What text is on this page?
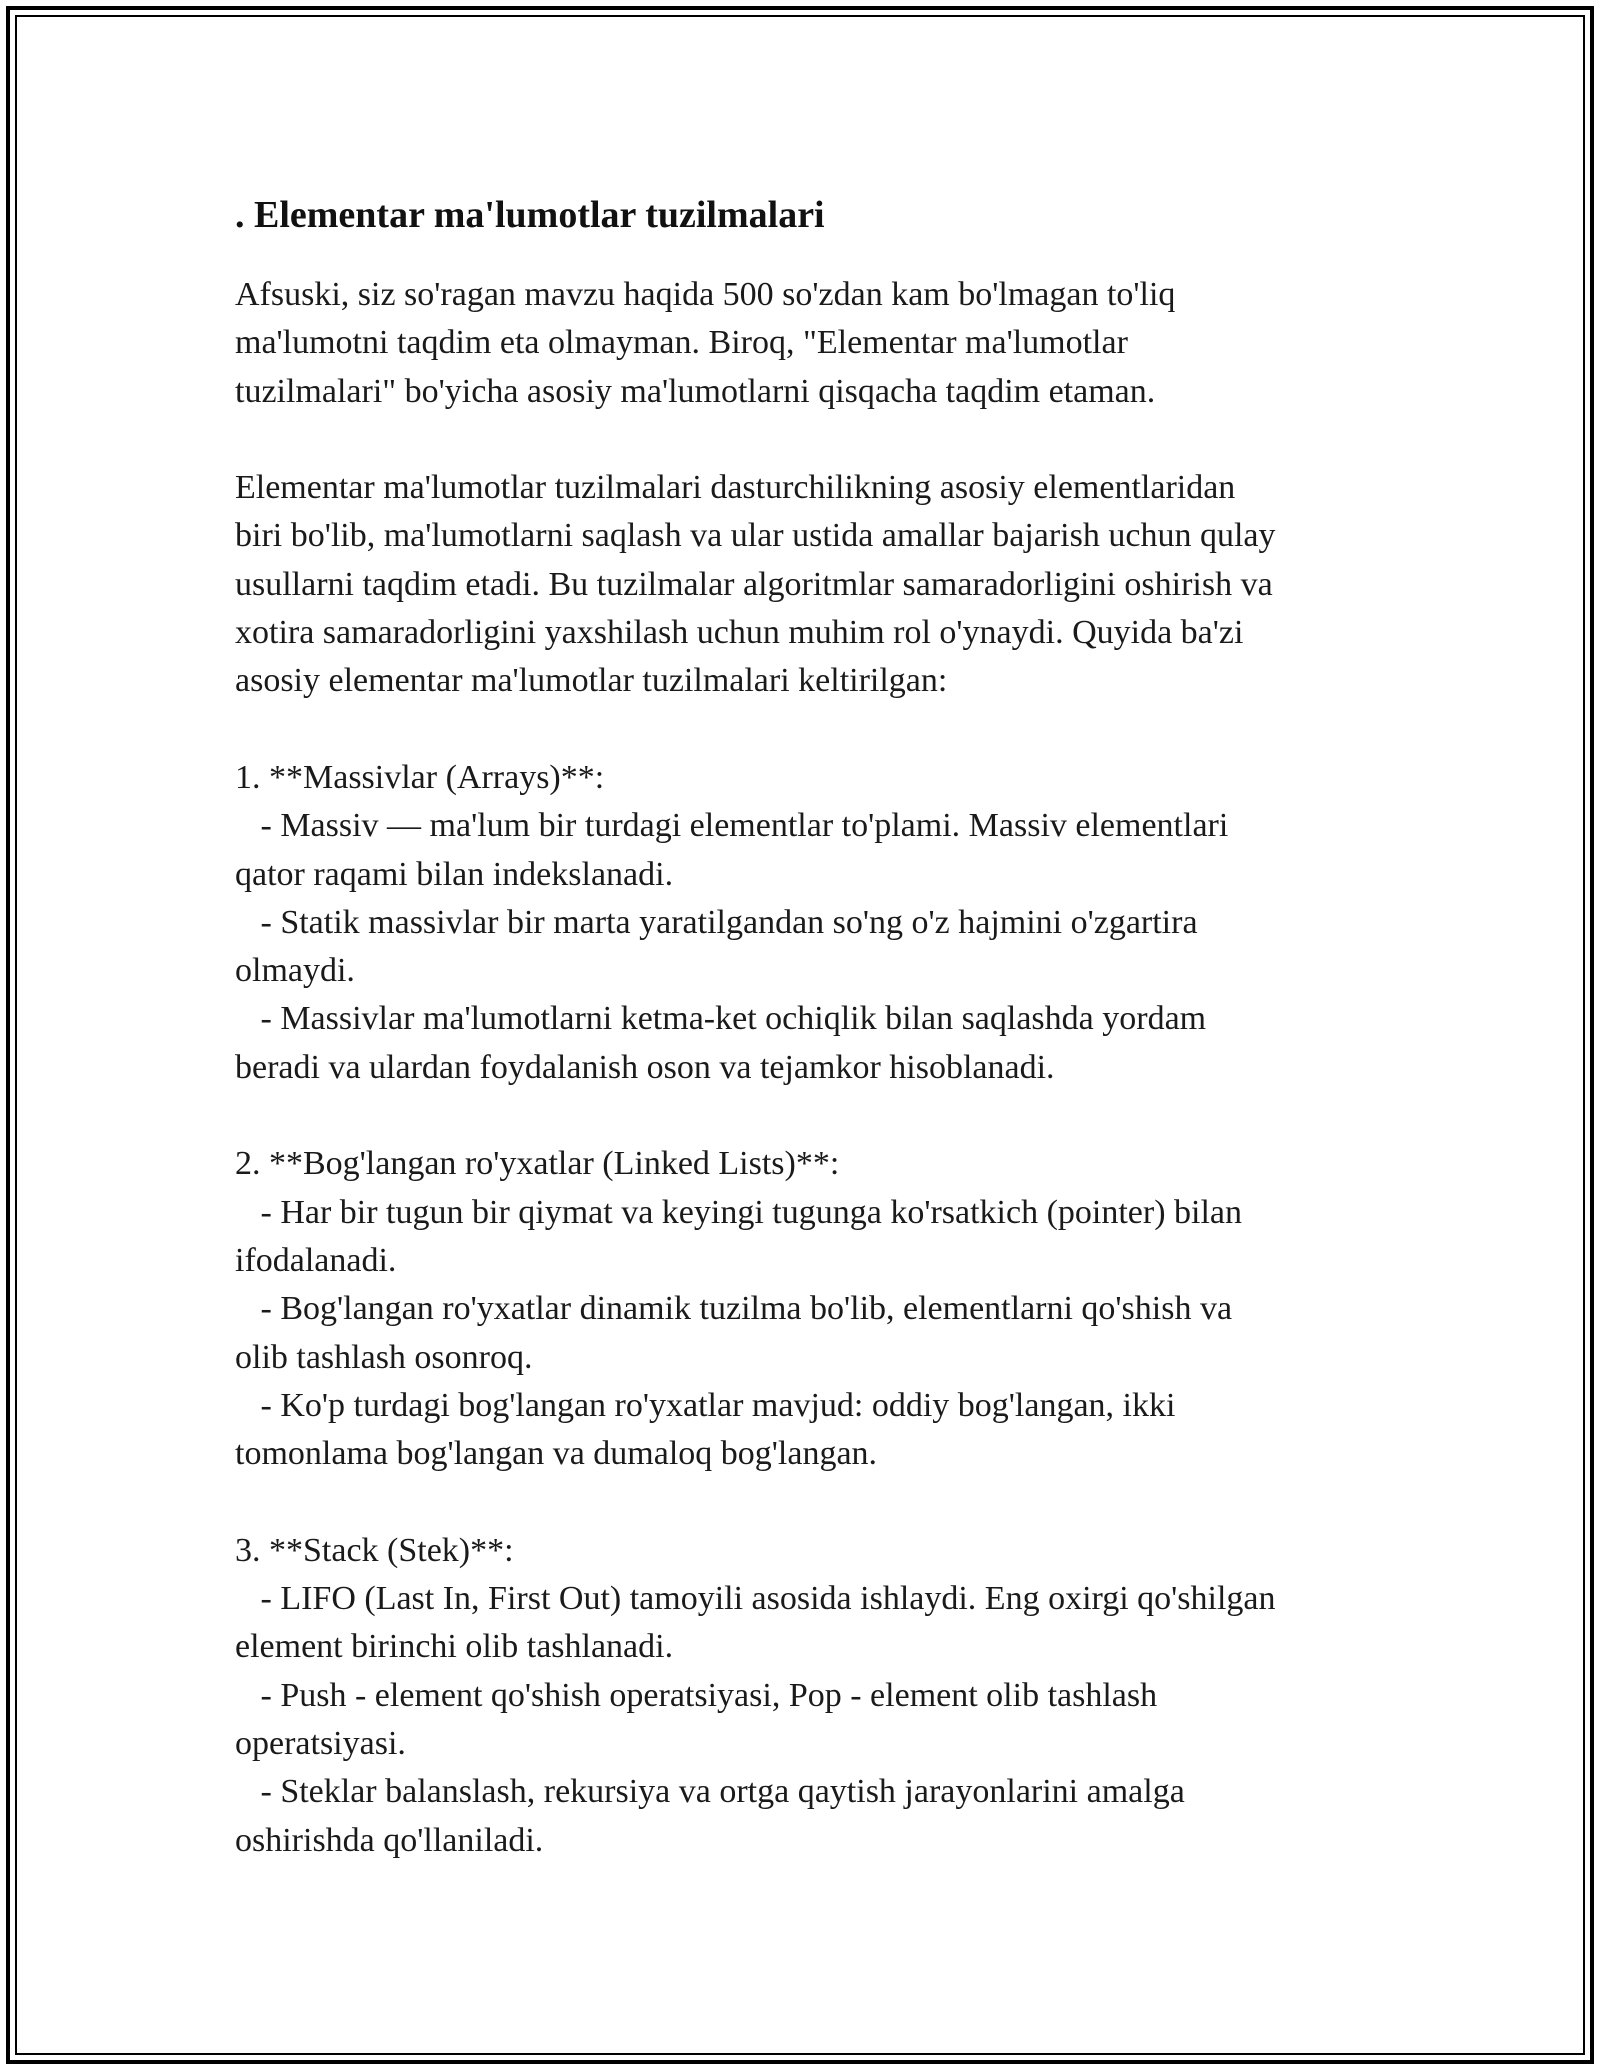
. Elementar ma'lumotlar tuzilmalari

Afsuski, siz so'ragan mavzu haqida 500 so'zdan kam bo'lmagan to'liq
ma'lumotni taqdim eta olmayman. Biroq, "Elementar ma'lumotlar
tuzilmalari" bo'yicha asosiy ma'lumotlarni qisqacha taqdim etaman.

Elementar ma'lumotlar tuzilmalari dasturchilikning asosiy elementlaridan
biri bo'lib, ma'lumotlarni saqlash va ular ustida amallar bajarish uchun qulay
usullarni taqdim etadi. Bu tuzilmalar algoritmlar samaradorligini oshirish va
xotira samaradorligini yaxshilash uchun muhim rol o'ynaydi. Quyida ba'zi
asosiy elementar ma'lumotlar tuzilmalari keltirilgan:

1. **Massivlar (Arrays)**:

- Massiv — ma'lum bir turdagi elementlar to'plami. Massiv elementlari
qator raqami bilan indekslanadi.

- Statik massivlar bir marta yaratilgandan so'ng o'z hajmini o'zgartira
olmaydi.

- Massivlar ma'lumotlarni ketma-ket ochiqlik bilan saqlashda yordam
beradi va ulardan foydalanish oson va tejamkor hisoblanadi.

2. **Bog'langan ro'yxatlar (Linked Lists)**:

- Har bir tugun bir qiymat va keyingi tugunga ko'rsatkich (pointer) bilan
ifodalanadi.

- Bog'langan ro'yxatlar dinamik tuzilma bo'lib, elementlarni qo'shish va
olib tashlash osonroq.

- Ko'p turdagi bog'langan ro'yxatlar mavjud: oddiy bog'langan, ikki
tomonlama bog'langan va dumaloq bog'langan.

3. **Stack (Stek)**:

- LIFO (Last In, First Out) tamoyili asosida ishlaydi. Eng oxirgi qo'shilgan
element birinchi olib tashlanadi.

- Push - element qo'shish operatsiyasi, Pop - element olib tashlash
operatsiyasi.

- Steklar balanslash, rekursiya va ortga qaytish jarayonlarini amalga
oshirishda qo'llaniladi.
